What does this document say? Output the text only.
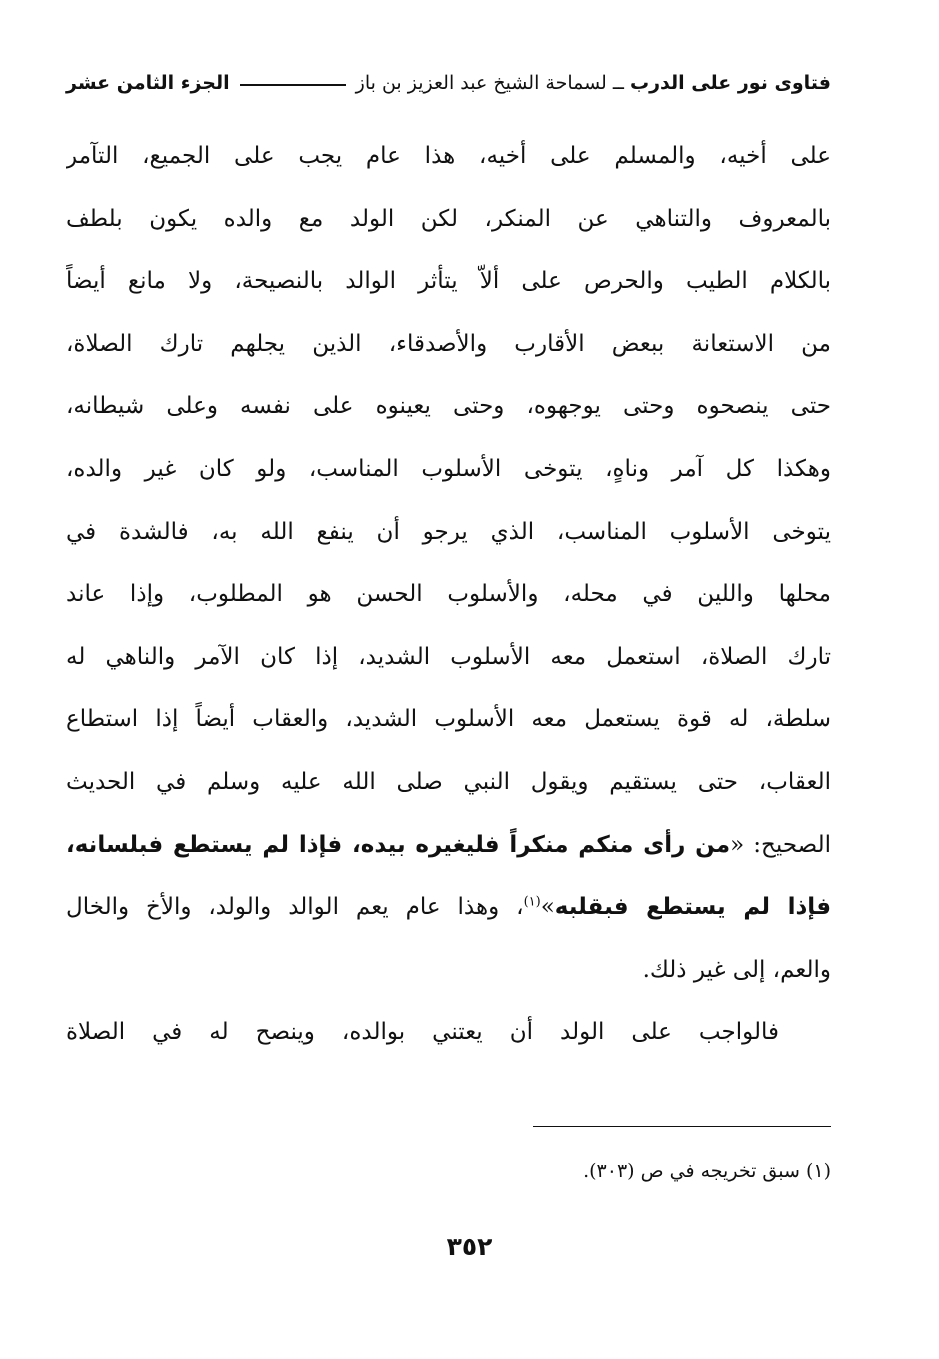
فتاوى نور على الدرب
ــ
لسماحة الشيخ عبد العزيز بن باز
الجزء الثامن عشر
على أخيه، والمسلم على أخيه، هذا عام يجب على الجميع، التآمر
بالمعروف والتناهي عن المنكر، لكن الولد مع والده يكون بلطف
بالكلام الطيب والحرص على ألاّ يتأثر الوالد بالنصيحة، ولا مانع أيضاً
من الاستعانة ببعض الأقارب والأصدقاء، الذين يجلهم تارك الصلاة،
حتى ينصحوه وحتى يوجهوه، وحتى يعينوه على نفسه وعلى شيطانه،
وهكذا كل آمر وناهٍ، يتوخى الأسلوب المناسب، ولو كان غير والده،
يتوخى الأسلوب المناسب، الذي يرجو أن ينفع الله به، فالشدة في
محلها واللين في محله، والأسلوب الحسن هو المطلوب، وإذا عاند
تارك الصلاة، استعمل معه الأسلوب الشديد، إذا كان الآمر والناهي له
سلطة، له قوة يستعمل معه الأسلوب الشديد، والعقاب أيضاً إذا استطاع
العقاب، حتى يستقيم ويقول النبي صلى الله عليه وسلم في الحديث
الصحيح: «من رأى منكم منكراً فليغيره بيده، فإذا لم يستطع فبلسانه،
فإذا لم يستطع فبقلبه»$^{(١)}$، وهذا عام يعم الوالد والولد، والأخ والخال
والعم، إلى غير ذلك.
فالواجب على الولد أن يعتني بوالده، وينصح له في الصلاة
(١) سبق تخريجه في ص (٣٠٣).
٣٥٢
